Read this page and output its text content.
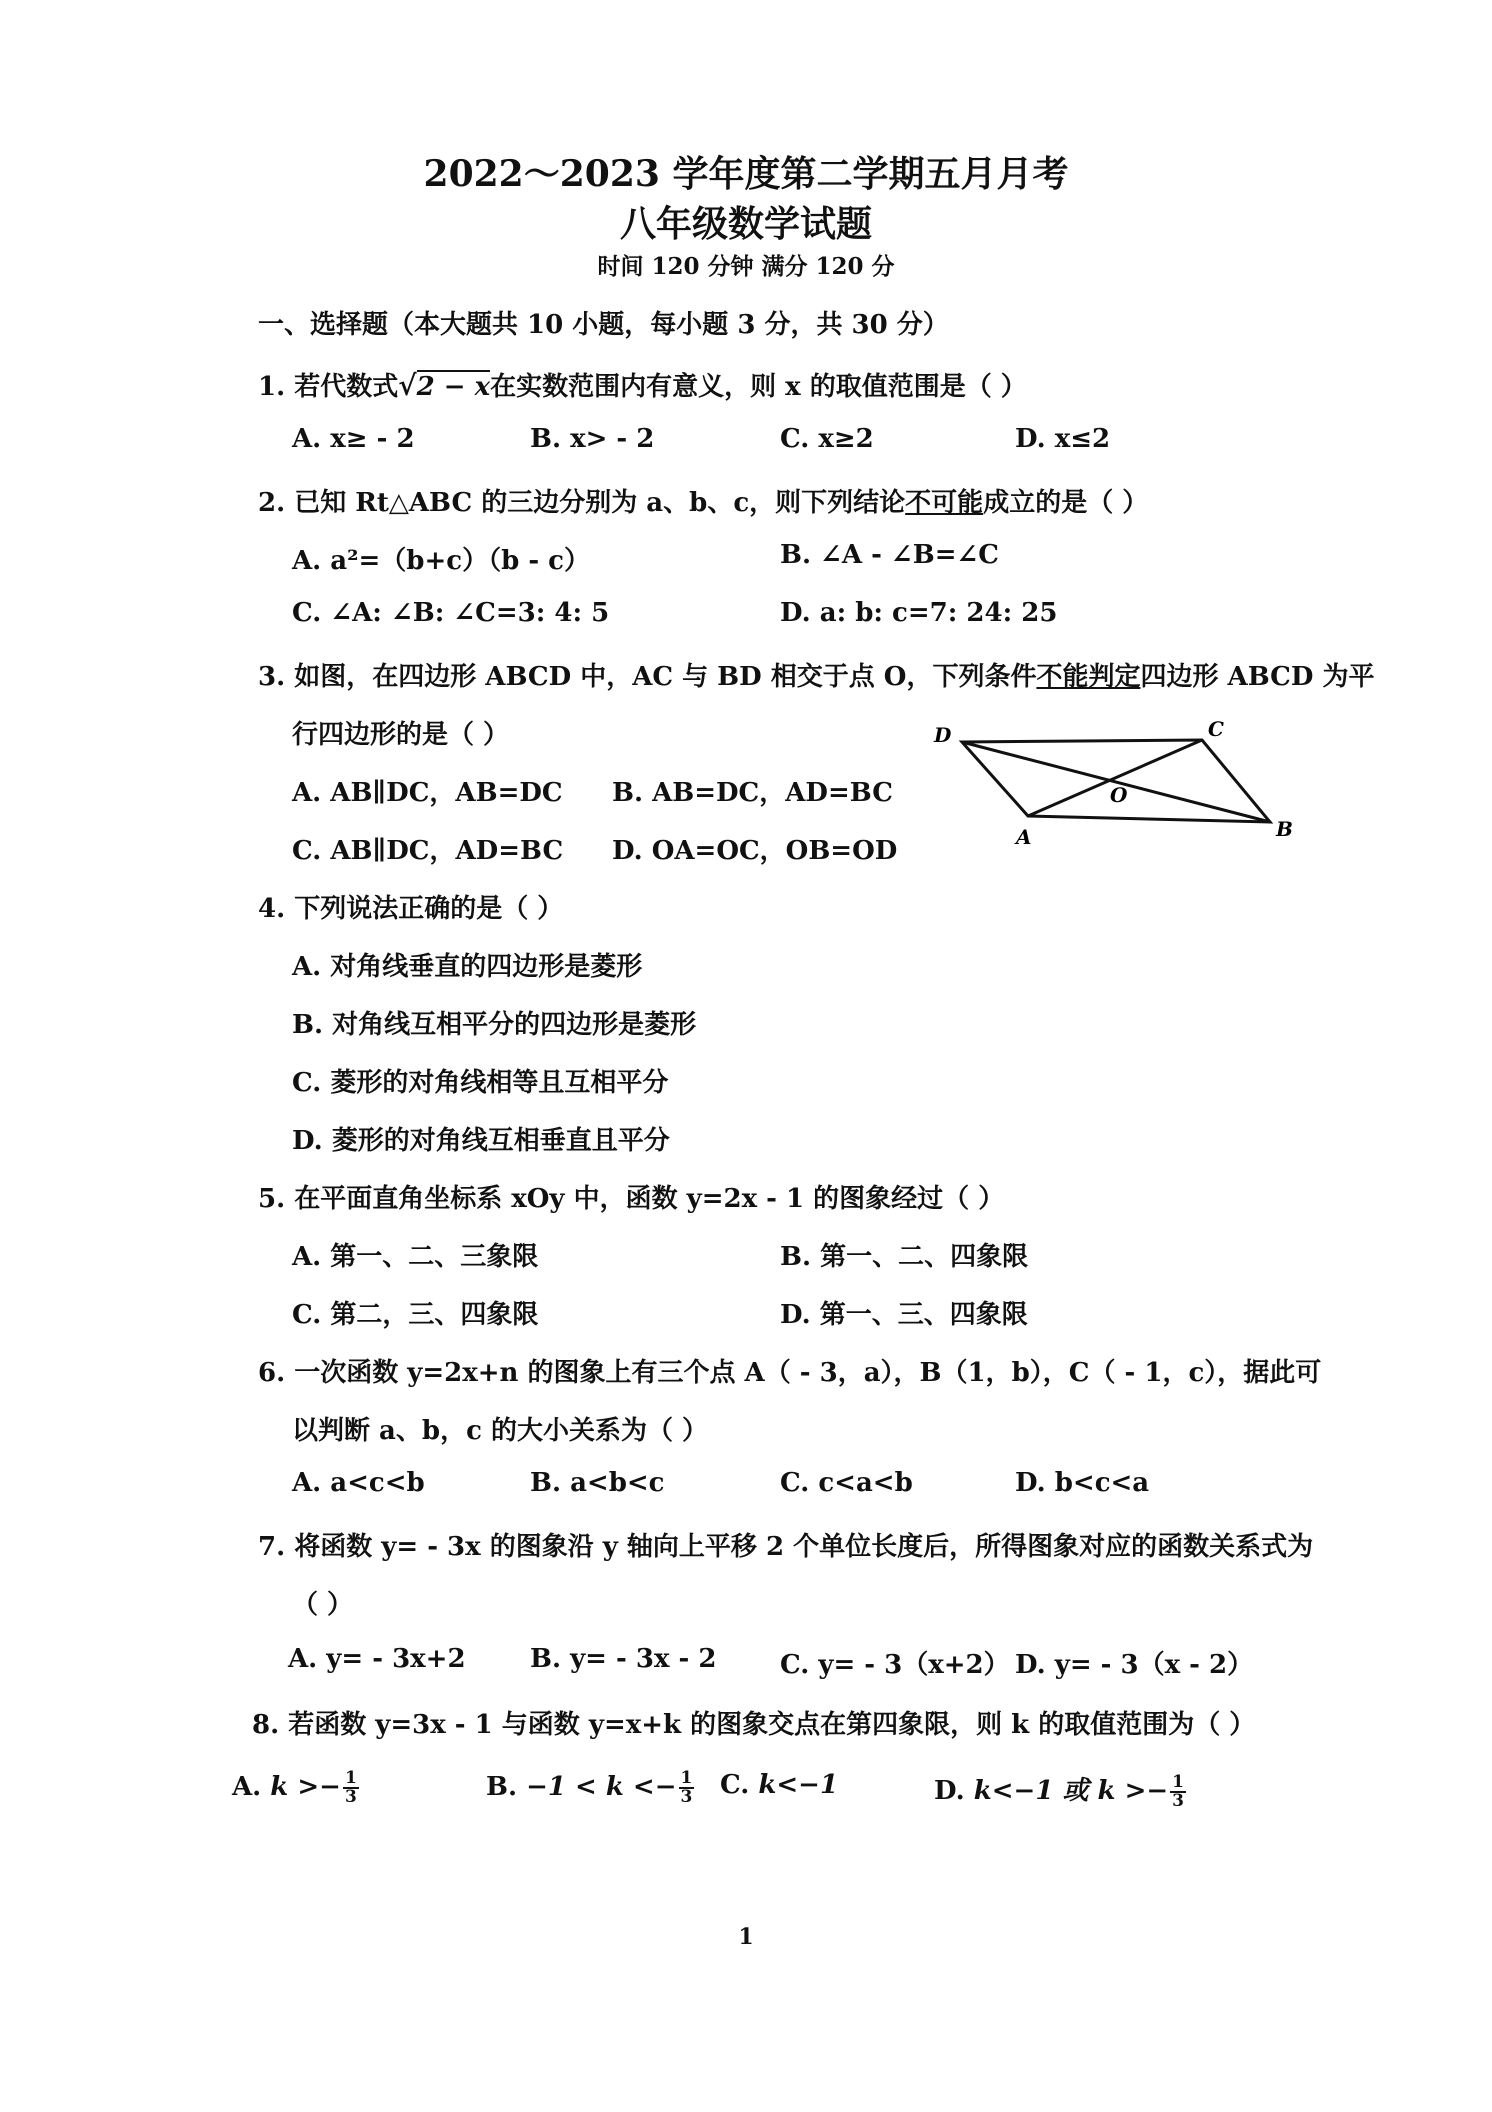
2022～2023 学年度第二学期五月月考
八年级数学试题
时间 120 分钟 满分 120 分
一、选择题（本大题共 10 小题，每小题 3 分，共 30 分）
1. 若代数式√2 − x在实数范围内有意义，则 x 的取值范围是（ ）
A. x≥ - 2	B. x> - 2	C. x≥2	D. x≤2
2. 已知 Rt△ABC 的三边分别为 a、b、c，则下列结论不可能成立的是（ ）
A. a²=（b+c）（b - c）	B. ∠A - ∠B=∠C
C. ∠A: ∠B: ∠C=3: 4: 5	D. a: b: c=7: 24: 25
3. 如图，在四边形 ABCD 中，AC 与 BD 相交于点 O，下列条件不能判定四边形 ABCD 为平
行四边形的是（ ）
A. AB∥DC，AB=DC B. AB=DC，AD=BC
C. AB∥DC，AD=BC D. OA=OC，OB=OD
D	C
O
A	B
4. 下列说法正确的是（ ）
A. 对角线垂直的四边形是菱形
B. 对角线互相平分的四边形是菱形
C. 菱形的对角线相等且互相平分
D. 菱形的对角线互相垂直且平分
5. 在平面直角坐标系 xOy 中，函数 y=2x - 1 的图象经过（ ）
A. 第一、二、三象限	B. 第一、二、四象限
C. 第二，三、四象限	D. 第一、三、四象限
6. 一次函数 y=2x+n 的图象上有三个点 A（ - 3，a），B（1，b），C（ - 1，c），据此可
以判断 a、b，c 的大小关系为（ ）
A. a<c<b	B. a<b<c	C. c<a<b	D. b<c<a
7. 将函数 y= - 3x 的图象沿 y 轴向上平移 2 个单位长度后，所得图象对应的函数关系式为
（ ）
A. y= - 3x+2 B. y= - 3x - 2 C. y= - 3（x+2） D. y= - 3（x - 2）
8. 若函数 y=3x - 1 与函数 y=x+k 的图象交点在第四象限，则 k 的取值范围为（ ）
A. $k >- \frac{1}{3}$	B. $-1 < k <- \frac{1}{3} C$. k<−1	D. k<−1 或 $k >- \frac{1}{3}$
1
